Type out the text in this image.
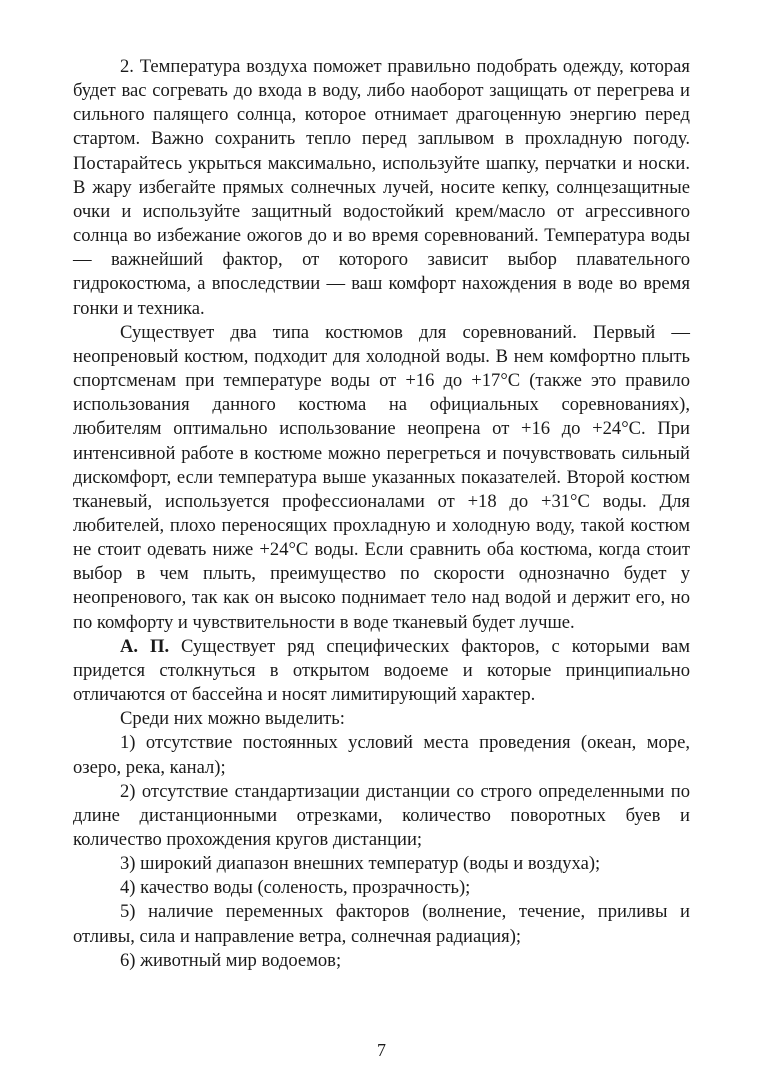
2. Температура воздуха поможет правильно подобрать одежду, которая будет вас согревать до входа в воду, либо наоборот защищать от перегрева и сильного палящего солнца, которое отнимает драгоценную энергию перед стартом. Важно сохранить тепло перед заплывом в прохладную погоду. Постарайтесь укрыться максимально, используйте шапку, перчатки и носки. В жару избегайте прямых солнечных лучей, носите кепку, солнцезащитные очки и используйте защитный водостойкий крем/масло от агрессивного солнца во избежание ожогов до и во время соревнований. Температура воды — важнейший фактор, от которого зависит выбор плавательного гидрокостюма, а впоследствии — ваш комфорт нахождения в воде во время гонки и техника.

Существует два типа костюмов для соревнований. Первый — неопреновый костюм, подходит для холодной воды. В нем комфортно плыть спортсменам при температуре воды от +16 до +17°C (также это правило использования данного костюма на официальных соревнованиях), любителям оптимально использование неопрена от +16 до +24°C. При интенсивной работе в костюме можно перегреться и почувствовать сильный дискомфорт, если температура выше указанных показателей. Второй костюм тканевый, используется профессионалами от +18 до +31°C воды. Для любителей, плохо переносящих прохладную и холодную воду, такой костюм не стоит одевать ниже +24°C воды. Если сравнить оба костюма, когда стоит выбор в чем плыть, преимущество по скорости однозначно будет у неопренового, так как он высоко поднимает тело над водой и держит его, но по комфорту и чувствительности в воде тканевый будет лучше.

А. П. Существует ряд специфических факторов, с которыми вам придется столкнуться в открытом водоеме и которые принципиально отличаются от бассейна и носят лимитирующий характер.

Среди них можно выделить:

1) отсутствие постоянных условий места проведения (океан, море, озеро, река, канал);

2) отсутствие стандартизации дистанции со строго определенными по длине дистанционными отрезками, количество поворотных буев и количество прохождения кругов дистанции;

3) широкий диапазон внешних температур (воды и воздуха);

4) качество воды (соленость, прозрачность);

5) наличие переменных факторов (волнение, течение, приливы и отливы, сила и направление ветра, солнечная радиация);

6) животный мир водоемов;

7
